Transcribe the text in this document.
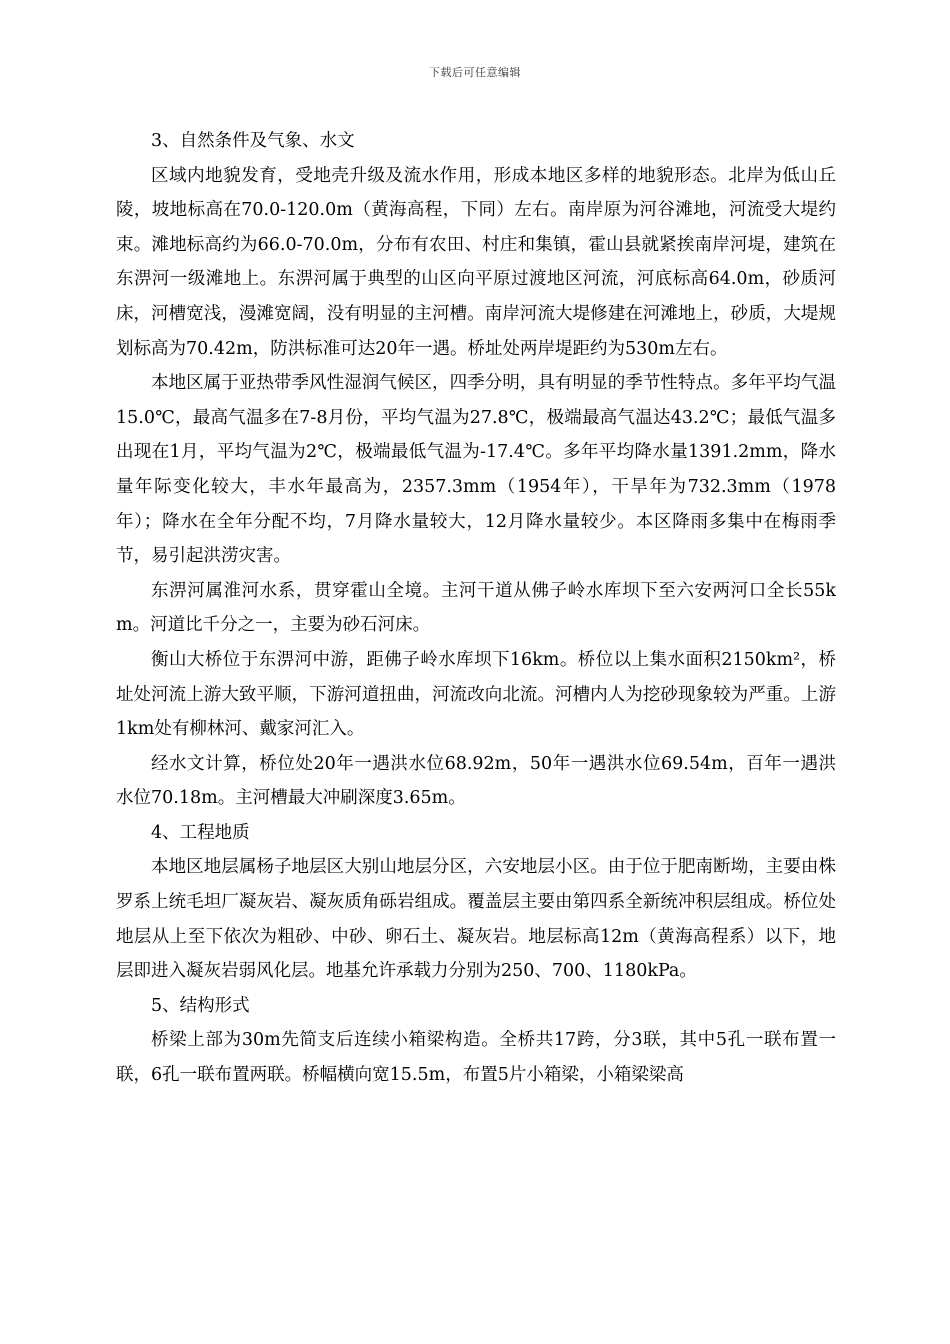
下载后可任意编辑

3、自然条件及气象、水文

区域内地貌发育，受地壳升级及流水作用，形成本地区多样的地貌形态。北岸为低山丘陵，坡地标高在70.0-120.0m（黄海高程，下同）左右。南岸原为河谷滩地，河流受大堤约束。滩地标高约为66.0-70.0m，分布有农田、村庄和集镇，霍山县就紧挨南岸河堤，建筑在东淠河一级滩地上。东淠河属于典型的山区向平原过渡地区河流，河底标高64.0m，砂质河床，河槽宽浅，漫滩宽阔，没有明显的主河槽。南岸河流大堤修建在河滩地上，砂质，大堤规划标高为70.42m，防洪标准可达20年一遇。桥址处两岸堤距约为530m左右。

本地区属于亚热带季风性湿润气候区，四季分明，具有明显的季节性特点。多年平均气温15.0℃，最高气温多在7-8月份，平均气温为27.8℃，极端最高气温达43.2℃；最低气温多出现在1月，平均气温为2℃，极端最低气温为-17.4℃。多年平均降水量1391.2mm，降水量年际变化较大，丰水年最高为，2357.3mm（1954年），干旱年为732.3mm（1978年）；降水在全年分配不均，7月降水量较大，12月降水量较少。本区降雨多集中在梅雨季节，易引起洪涝灾害。

东淠河属淮河水系，贯穿霍山全境。主河干道从佛子岭水库坝下至六安两河口全长55km。河道比千分之一，主要为砂石河床。

衡山大桥位于东淠河中游，距佛子岭水库坝下16km。桥位以上集水面积2150km²，桥址处河流上游大致平顺，下游河道扭曲，河流改向北流。河槽内人为挖砂现象较为严重。上游1km处有柳林河、戴家河汇入。

经水文计算，桥位处20年一遇洪水位68.92m，50年一遇洪水位69.54m，百年一遇洪水位70.18m。主河槽最大冲刷深度3.65m。

4、工程地质

本地区地层属杨子地层区大别山地层分区，六安地层小区。由于位于肥南断坳，主要由株罗系上统毛坦厂凝灰岩、凝灰质角砾岩组成。覆盖层主要由第四系全新统冲积层组成。桥位处地层从上至下依次为粗砂、中砂、卵石土、凝灰岩。地层标高12m（黄海高程系）以下，地层即进入凝灰岩弱风化层。地基允许承载力分别为250、700、1180kPa。

5、结构形式

桥梁上部为30m先简支后连续小箱梁构造。全桥共17跨，分3联，其中5孔一联布置一联，6孔一联布置两联。桥幅横向宽15.5m，布置5片小箱梁，小箱梁梁高
